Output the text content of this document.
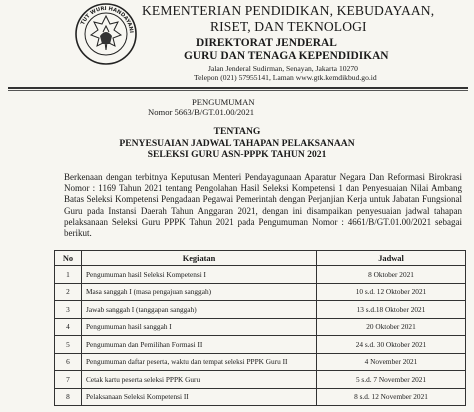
TUT WURI HANDAYANI
KEMENTERIAN PENDIDIKAN, KEBUDAYAAN,
RISET, DAN TEKNOLOGI
DIREKTORAT JENDERAL
GURU DAN TENAGA KEPENDIDIKAN
Jalan Jenderal Sudirman, Senayan, Jakarta 10270
Telepon (021) 57955141, Laman www.gtk.kemdikbud.go.id
PENGUMUMAN
Nomor 5663/B/GT.01.00/2021
TENTANG
PENYESUAIAN JADWAL TAHAPAN PELAKSANAAN
SELEKSI GURU ASN-PPPK TAHUN 2021
Berkenaan dengan terbitnya Keputusan Menteri Pendayagunaan Aparatur Negara Dan Reformasi Birokrasi Nomor : 1169 Tahun 2021 tentang Pengolahan Hasil Seleksi Kompetensi 1 dan Penyesuaian Nilai Ambang Batas Seleksi Kompetensi Pengadaan Pegawai Pemerintah dengan Perjanjian Kerja untuk Jabatan Fungsional Guru pada Instansi Daerah Tahun Anggaran 2021, dengan ini disampaikan penyesuaian jadwal tahapan pelaksanaan Seleksi Guru PPPK Tahun 2021 pada Pengumuman Nomor : 4661/B/GT.01.00/2021 sebagai berikut.
No	Kegiatan	Jadwal
1	Pengumuman hasil Seleksi Kompetensi I	8 Oktober 2021
2	Masa sanggah I (masa pengajuan sanggah)	10 s.d. 12 Oktober 2021
3	Jawab sanggah I (tanggapan sanggah)	13 s.d.18 Oktober 2021
4	Pengumuman hasil sanggah I	20 Oktober 2021
5	Pengumuman dan Pemilihan Formasi II	24 s.d. 30 Oktober 2021
6	Pengumuman daftar peserta, waktu dan tempat seleksi PPPK Guru II	4 November 2021
7	Cetak kartu peserta seleksi PPPK Guru	5 s.d. 7 November 2021
8	Pelaksanaan Seleksi Kompetensi II	8 s.d. 12 November 2021
